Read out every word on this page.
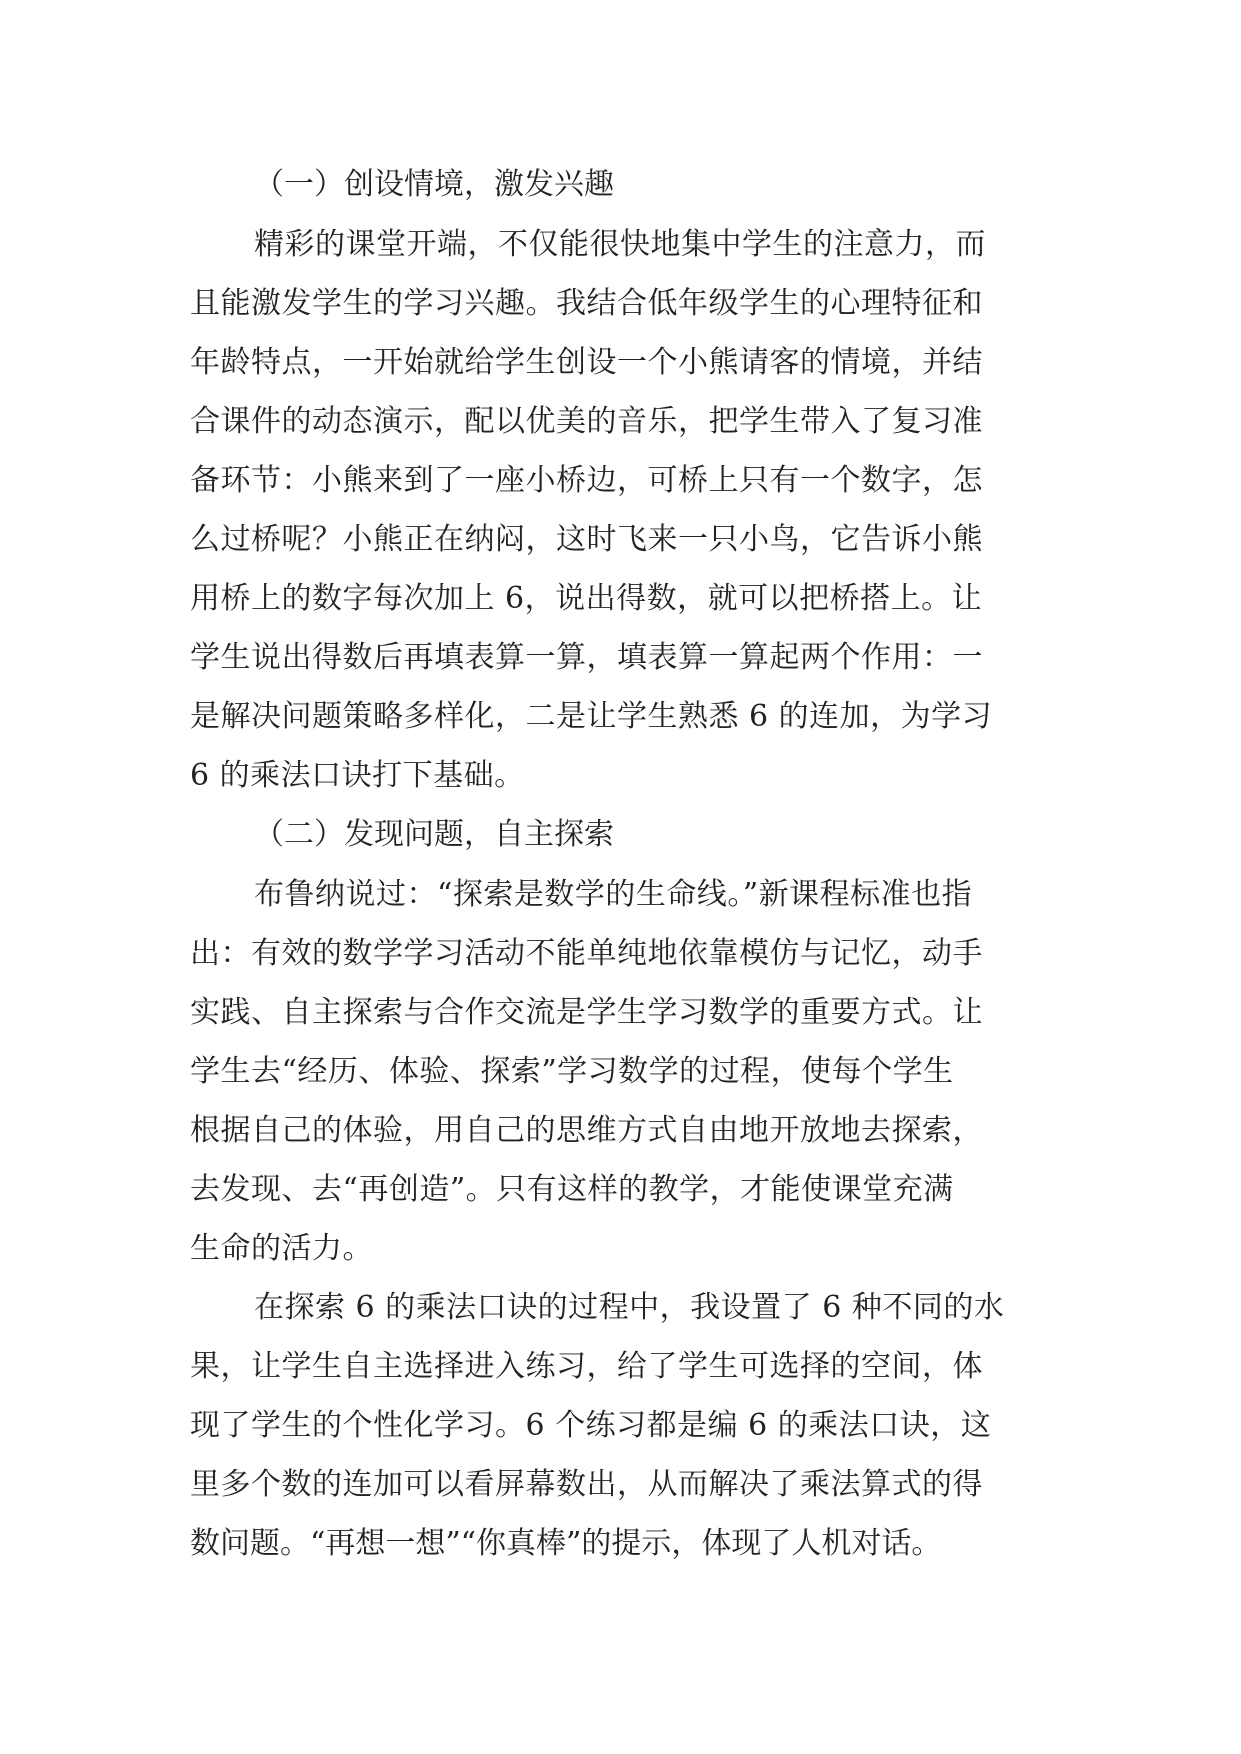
（一）创设情境，激发兴趣

精彩的课堂开端，不仅能很快地集中学生的注意力，而
且能激发学生的学习兴趣。我结合低年级学生的心理特征和
年龄特点，一开始就给学生创设一个小熊请客的情境，并结
合课件的动态演示，配以优美的音乐，把学生带入了复习准
备环节：小熊来到了一座小桥边，可桥上只有一个数字，怎
么过桥呢？小熊正在纳闷，这时飞来一只小鸟，它告诉小熊
用桥上的数字每次加上 6，说出得数，就可以把桥搭上。让
学生说出得数后再填表算一算，填表算一算起两个作用：一
是解决问题策略多样化，二是让学生熟悉 6 的连加，为学习
6 的乘法口诀打下基础。

（二）发现问题，自主探索

布鲁纳说过：“探索是数学的生命线。”新课程标准也指
出：有效的数学学习活动不能单纯地依靠模仿与记忆，动手
实践、自主探索与合作交流是学生学习数学的重要方式。让
学生去“经历、体验、探索”学习数学的过程，使每个学生
根据自己的体验，用自己的思维方式自由地开放地去探索，
去发现、去“再创造”。只有这样的教学，才能使课堂充满
生命的活力。

在探索 6 的乘法口诀的过程中，我设置了 6 种不同的水
果，让学生自主选择进入练习，给了学生可选择的空间，体
现了学生的个性化学习。6 个练习都是编 6 的乘法口诀，这
里多个数的连加可以看屏幕数出，从而解决了乘法算式的得
数问题。“再想一想”“你真棒”的提示，体现了人机对话。
